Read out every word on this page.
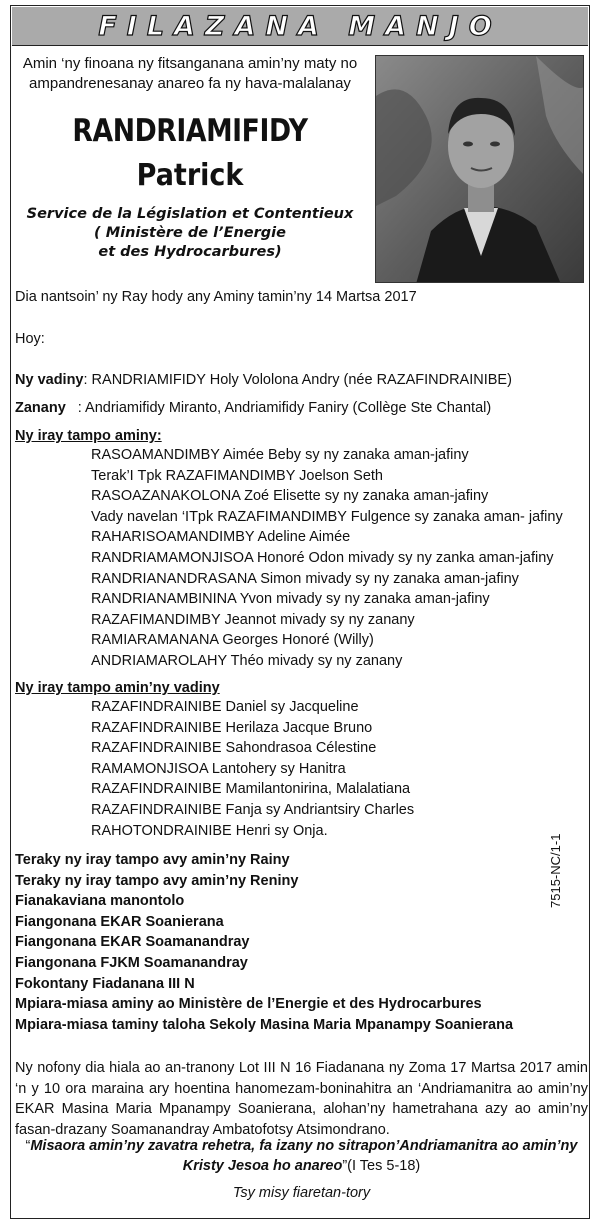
FILAZANA MANJO
Amin ‘ny finoana ny fitsanganana amin’ny maty no
ampandrenesanay anareo fa ny hava-malalanay
RANDRIAMIFIDY
Patrick
Service de la Législation et Contentieux
( Ministère de l’Energie
et des Hydrocarbures)
Dia nantsoin’ ny Ray hody any Aminy tamin’ny 14 Martsa 2017
Hoy:
Ny vadiny: RANDRIAMIFIDY Holy Vololona Andry (née RAZAFINDRAINIBE)
Zanany : Andriamifidy Miranto, Andriamifidy Faniry (Collège Ste Chantal)
Ny iray tampo aminy:
RASOAMANDIMBY Aimée Beby sy ny zanaka aman-jafiny
Terak’I Tpk RAZAFIMANDIMBY Joelson Seth
RASOAZANAKOLONA Zoé Elisette sy ny zanaka aman-jafiny
Vady navelan ‘ITpk RAZAFIMANDIMBY Fulgence sy zanaka aman- jafiny
RAHARISOAMANDIMBY Adeline Aimée
RANDRIAMAMONJISOA Honoré Odon mivady sy ny zanka aman-jafiny
RANDRIANANDRASANA Simon mivady sy ny zanaka aman-jafiny
RANDRIANAMBININA Yvon mivady sy ny zanaka aman-jafiny
RAZAFIMANDIMBY Jeannot mivady sy ny zanany
RAMIARAMANANA Georges Honoré (Willy)
ANDRIAMAROLAHY Théo mivady sy ny zanany
Ny iray tampo amin’ny vadiny
RAZAFINDRAINIBE Daniel sy Jacqueline
RAZAFINDRAINIBE Herilaza Jacque Bruno
RAZAFINDRAINIBE Sahondrasoa Célestine
RAMAMONJISOA Lantohery sy Hanitra
RAZAFINDRAINIBE Mamilantonirina, Malalatiana
RAZAFINDRAINIBE Fanja sy Andriantsiry Charles
RAHOTONDRAINIBE Henri sy Onja.
Teraky ny iray tampo avy amin’ny Rainy
Teraky ny iray tampo avy amin’ny Reniny
Fianakaviana manontolo
Fiangonana EKAR Soanierana
Fiangonana EKAR Soamanandray
Fiangonana FJKM Soamanandray
Fokontany Fiadanana III N
Mpiara-miasa aminy ao Ministère de l’Energie et des Hydrocarbures
Mpiara-miasa taminy taloha Sekoly Masina Maria Mpanampy Soanierana
7515-NC/1-1
Ny nofony dia hiala ao an-tranony Lot III N 16 Fiadanana ny Zoma 17 Martsa 2017 amin ‘n y 10 ora maraina ary hoentina hanomezam-boninahitra an ‘Andriamanitra ao amin’ny EKAR Masina Maria Mpanampy Soanierana, alohan’ny hametrahana azy ao amin’ny fasan-drazany Soamanandray Ambatofotsy Atsimondrano.
“Misaora amin’ny zavatra rehetra, fa izany no sitrapon’Andriamanitra ao amin’ny Kristy Jesoa ho anareo”(I Tes 5-18)
Tsy misy fiaretan-tory
